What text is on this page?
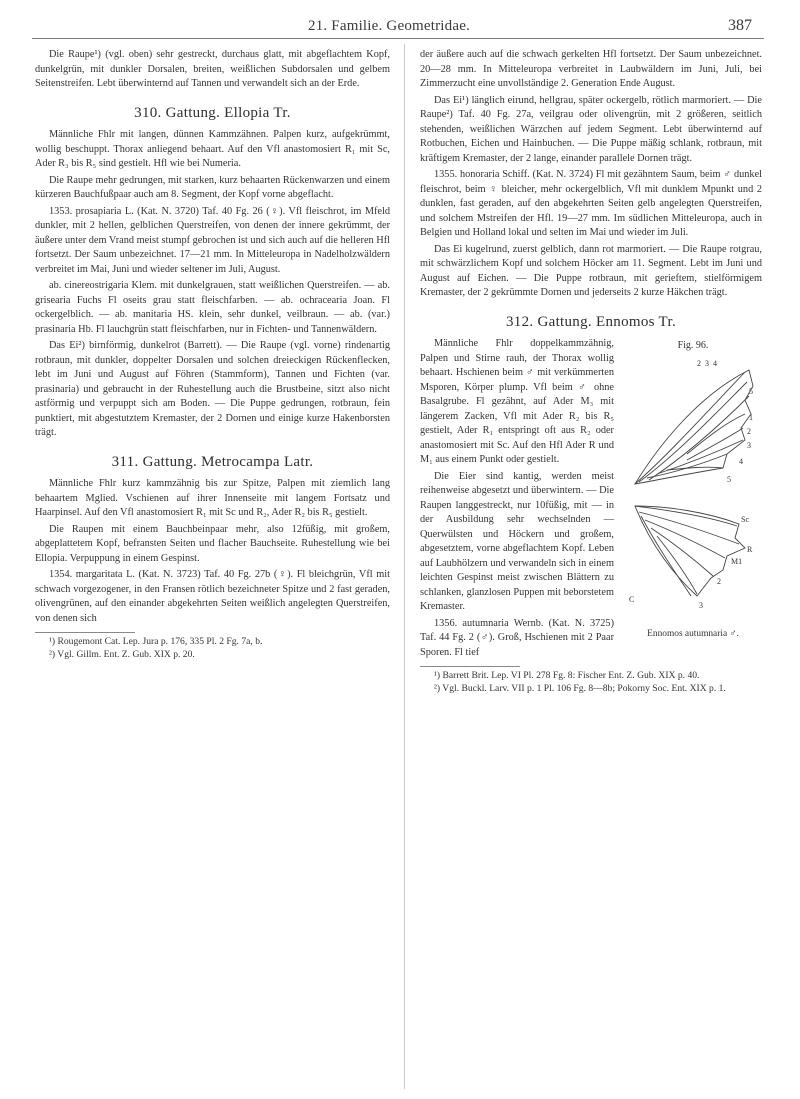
21. Familie. Geometridae.	387

Die Raupe¹) (vgl. oben) sehr gestreckt, durchaus glatt, mit abgeflachtem Kopf, dunkelgrün, mit dunkler Dorsalen, breiten, weißlichen Subdorsalen und gelbem Seitenstreifen. Lebt überwinternd auf Tannen und verwandelt sich an der Erde.

310. Gattung. Ellopia Tr.

Männliche Fhlr mit langen, dünnen Kammzähnen. Palpen kurz, aufgekrümmt, wollig beschuppt. Thorax anliegend behaart. Auf den Vfl anastomosiert R₁ mit Sc, Ader R₃ bis R₅ sind gestielt. Hfl wie bei Numeria.

Die Raupe mehr gedrungen, mit starken, kurz behaarten Rückenwarzen und einem kürzeren Bauchfußpaar auch am 8. Segment, der Kopf vorne abgeflacht.

1353. prosapiaria L. (Kat. N. 3720) Taf. 40 Fg. 26 (♀). Vfl fleischrot, im Mfeld dunkler, mit 2 hellen, gelblichen Querstreifen, von denen der innere gekrümmt, der äußere unter dem Vrand meist stumpf gebrochen ist und sich auch auf die helleren Hfl fortsetzt. Der Saum unbezeichnet. 17—21 mm. In Mitteleuropa in Nadelholzwäldern verbreitet im Mai, Juni und wieder seltener im Juli, August.

ab. cinereostrigaria Klem. mit dunkelgrauen, statt weißlichen Querstreifen. — ab. grisearia Fuchs Fl oseits grau statt fleischfarben. — ab. ochracearia Joan. Fl ockergelblich. — ab. manitaria HS. klein, sehr dunkel, veilbraun. — ab. (var.) prasinaria Hb. Fl lauchgrün statt fleischfarben, nur in Fichten- und Tannenwäldern.

Das Ei²) birnförmig, dunkelrot (Barrett). — Die Raupe (vgl. vorne) rindenartig rotbraun, mit dunkler, doppelter Dorsalen und solchen dreieckigen Rückenflecken, lebt im Juni und August auf Föhren (Stammform), Tannen und Fichten (var. prasinaria) und gebraucht in der Ruhestellung auch die Brustbeine, sitzt also nicht astförmig und verpuppt sich am Boden. — Die Puppe gedrungen, rotbraun, fein punktiert, mit abgestutztem Kremaster, der 2 Dornen und einige kurze Hakenborsten trägt.

311. Gattung. Metrocampa Latr.

Männliche Fhlr kurz kammzähnig bis zur Spitze, Palpen mit ziemlich lang behaartem Mglied. Vschienen auf ihrer Innenseite mit langem Fortsatz und Haarpinsel. Auf den Vfl anastomosiert R₁ mit Sc und R₂, Ader R₂ bis R₅ gestielt.

Die Raupen mit einem Bauchbeinpaar mehr, also 12füßig, mit großem, abgeplattetem Kopf, befransten Seiten und flacher Bauchseite. Ruhestellung wie bei Ellopia. Verpuppung in einem Gespinst.

1354. margaritata L. (Kat. N. 3723) Taf. 40 Fg. 27b (♀). Fl bleichgrün, Vfl mit schwach vorgezogener, in den Fransen rötlich bezeichneter Spitze und 2 fast geraden, olivengrünen, auf den einander abgekehrten Seiten weißlich angelegten Querstreifen, von denen sich

¹) Rougemont Cat. Lep. Jura p. 176, 335 Pl. 2 Fg. 7a, b.

²) Vgl. Gillm. Ent. Z. Gub. XIX p. 20.

der äußere auch auf die schwach gerkelten Hfl fortsetzt. Der Saum unbezeichnet. 20—28 mm. In Mitteleuropa verbreitet in Laubwäldern im Juni, Juli, bei Zimmerzucht eine unvollständige 2. Generation Ende August.

Das Ei¹) länglich eirund, hellgrau, später ockergelb, rötlich marmoriert. — Die Raupe²) Taf. 40 Fg. 27a, veilgrau oder olivengrün, mit 2 größeren, seitlich stehenden, weißlichen Wärzchen auf jedem Segment. Lebt überwinternd auf Rotbuchen, Eichen und Hainbuchen. — Die Puppe mäßig schlank, rotbraun, mit kräftigem Kremaster, der 2 lange, einander parallele Dornen trägt.

1355. honoraria Schiff. (Kat. N. 3724) Fl mit gezähntem Saum, beim ♂ dunkel fleischrot, beim ♀ bleicher, mehr ockergelblich, Vfl mit dunklem Mpunkt und 2 dunklen, fast geraden, auf den abgekehrten Seiten gelb angelegten Querstreifen, und solchem Mstreifen der Hfl. 19—27 mm. Im südlichen Mitteleuropa, auch in Belgien und Holland lokal und selten im Mai und wieder im Juli.

Das Ei kugelrund, zuerst gelblich, dann rot marmoriert. — Die Raupe rotgrau, mit schwärzlichem Kopf und solchem Höcker am 11. Segment. Lebt im Juni und August auf Eichen. — Die Puppe rotbraun, mit gerieftem, stielförmigem Kremaster, der 2 gekrümmte Dornen und jederseits 2 kurze Häkchen trägt.

312. Gattung. Ennomos Tr.
Fig. 96.
2 3 4
5
1
2
3
4
5
Sc
R
M1
2
3
C
Ennomos autumnaria ♂.

Männliche Fhlr doppelkammzähnig, Palpen und Stirne rauh, der Thorax wollig behaart. Hschienen beim ♂ mit verkümmerten Msporen, Körper plump. Vfl beim ♂ ohne Basalgrube. Fl gezähnt, auf Ader M₃ mit längerem Zacken, Vfl mit Ader R₂ bis R₅ gestielt, Ader R₁ entspringt oft aus R₂ oder anastomosiert mit Sc. Auf den Hfl Ader R und M₁ aus einem Punkt oder gestielt.

Die Eier sind kantig, werden meist reihenweise abgesetzt und überwintern. — Die Raupen langgestreckt, nur 10füßig, mit — in der Ausbildung sehr wechselnden — Querwülsten und Höckern und großem, abgesetztem, vorne abgeflachtem Kopf. Leben auf Laubhölzern und verwandeln sich in einem leichten Gespinst meist zwischen Blättern zu schlanken, glanzlosen Puppen mit beborstetem Kremaster.

1356. autumnaria Wernb. (Kat. N. 3725) Taf. 44 Fg. 2 (♂). Groß, Hschienen mit 2 Paar Sporen. Fl tief

¹) Barrett Brit. Lep. VI Pl. 278 Fg. 8: Fischer Ent. Z. Gub. XIX p. 40.

²) Vgl. Buckl. Larv. VII p. 1 Pl. 106 Fg. 8—8b; Pokorny Soc. Ent. XIX p. 1.
